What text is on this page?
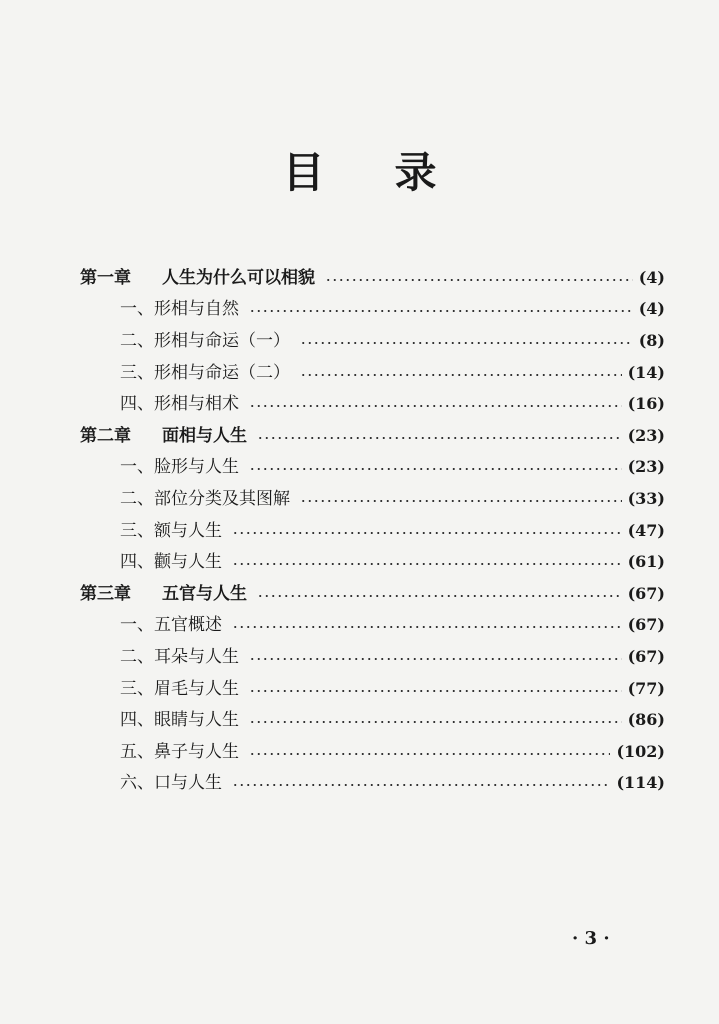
目 录
第一章	人生为什么可以相貌	(4)
一、 形相与自然	(4)
二、 形相与命运（一）	(8)
三、 形相与命运（二）	(14)
四、 形相与相术	(16)
第二章	面相与人生	(23)
一、 脸形与人生	(23)
二、 部位分类及其图解	(33)
三、 额与人生	(47)
四、 颧与人生	(61)
第三章	五官与人生	(67)
一、 五官概述	(67)
二、 耳朵与人生	(67)
三、 眉毛与人生	(77)
四、 眼睛与人生	(86)
五、 鼻子与人生	(102)
六、 口与人生	(114)
· 3 ·
